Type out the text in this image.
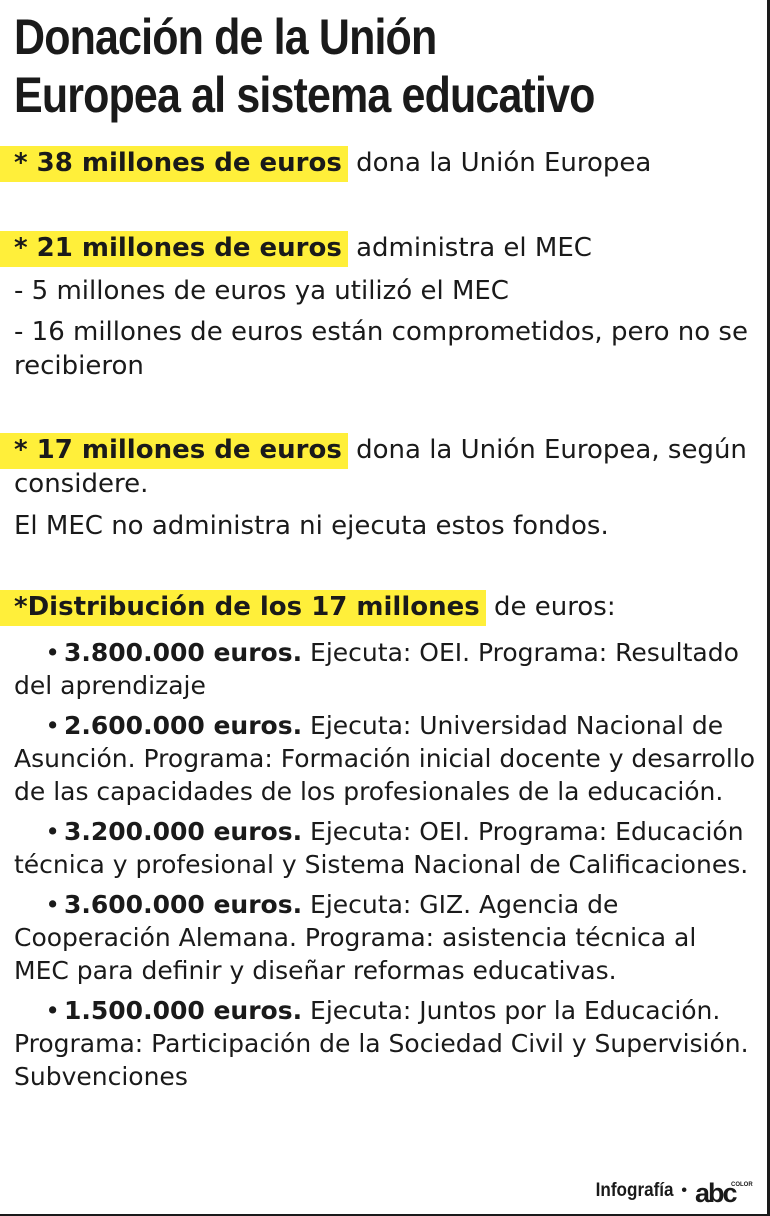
Donación de la Unión
Europea al sistema educativo
* 38 millones de euros dona la Unión Europea
* 21 millones de euros administra el MEC
- 5 millones de euros ya utilizó el MEC
- 16 millones de euros están comprometidos, pero no se recibieron
* 17 millones de euros dona la Unión Europea, según considere.
El MEC no administra ni ejecuta estos fondos.
*Distribución de los 17 millones de euros:
• 3.800.000 euros. Ejecuta: OEI. Programa: Resultado del aprendizaje
• 2.600.000 euros. Ejecuta: Universidad Nacional de Asunción. Programa: Formación inicial docente y desarrollo de las capacidades de los profesionales de la educación.
• 3.200.000 euros. Ejecuta: OEI. Programa: Educación técnica y profesional y Sistema Nacional de Calificaciones.
• 3.600.000 euros. Ejecuta: GIZ. Agencia de Cooperación Alemana. Programa: asistencia técnica al MEC para definir y diseñar reformas educativas.
• 1.500.000 euros. Ejecuta: Juntos por la Educación. Programa: Participación de la Sociedad Civil y Supervisión. Subvenciones
Infografía • abc
COLOR
